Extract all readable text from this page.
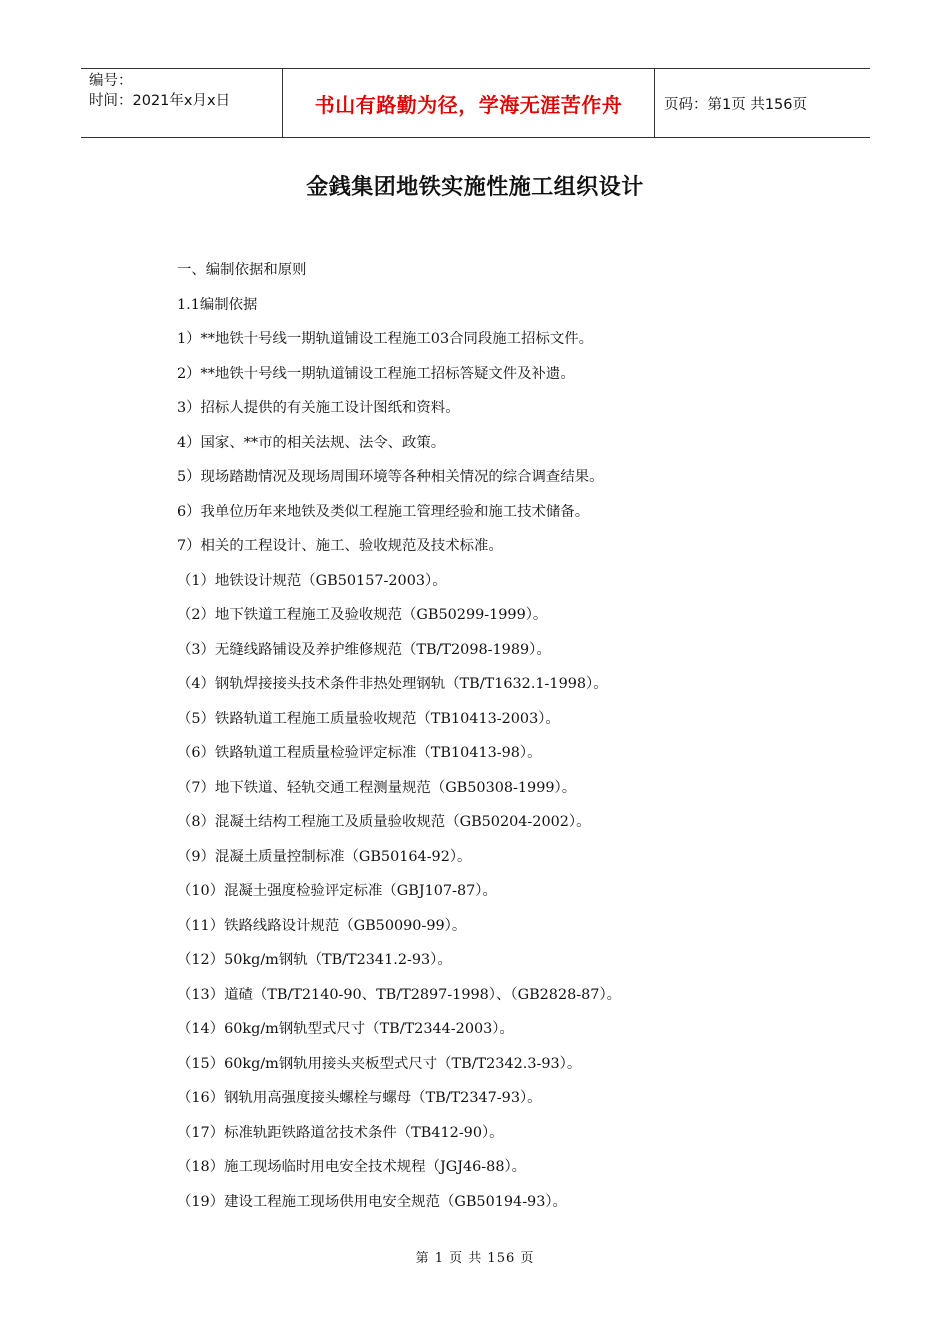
编号：
时间：2021年x月x日	书山有路勤为径，学海无涯苦作舟	页码：第1页 共156页
金銭集团地铁实施性施工组织设计
一、编制依据和原则
1.1编制依据
1）**地铁十号线一期轨道铺设工程施工03合同段施工招标文件。
2）**地铁十号线一期轨道铺设工程施工招标答疑文件及补遗。
3）招标人提供的有关施工设计图纸和资料。
4）国家、**市的相关法规、法令、政策。
5）现场踏勘情况及现场周围环境等各种相关情况的综合调查结果。
6）我单位历年来地铁及类似工程施工管理经验和施工技术储备。
7）相关的工程设计、施工、验收规范及技术标准。
（1）地铁设计规范（GB50157-2003）。
（2）地下铁道工程施工及验收规范（GB50299-1999）。
（3）无缝线路铺设及养护维修规范（TB/T2098-1989）。
（4）钢轨焊接接头技术条件非热处理钢轨（TB/T1632.1-1998）。
（5）铁路轨道工程施工质量验收规范（TB10413-2003）。
（6）铁路轨道工程质量检验评定标准（TB10413-98）。
（7）地下铁道、轻轨交通工程测量规范（GB50308-1999）。
（8）混凝土结构工程施工及质量验收规范（GB50204-2002）。
（9）混凝土质量控制标准（GB50164-92）。
（10）混凝土强度检验评定标准（GBJ107-87）。
（11）铁路线路设计规范（GB50090-99）。
（12）50kg/m钢轨（TB/T2341.2-93）。
（13）道碴（TB/T2140-90、TB/T2897-1998）、（GB2828-87）。
（14）60kg/m钢轨型式尺寸（TB/T2344-2003）。
（15）60kg/m钢轨用接头夹板型式尺寸（TB/T2342.3-93）。
（16）钢轨用高强度接头螺栓与螺母（TB/T2347-93）。
（17）标准轨距铁路道岔技术条件（TB412-90）。
（18）施工现场临时用电安全技术规程（JGJ46-88）。
（19）建设工程施工现场供用电安全规范（GB50194-93）。
第 1 页 共 156 页
